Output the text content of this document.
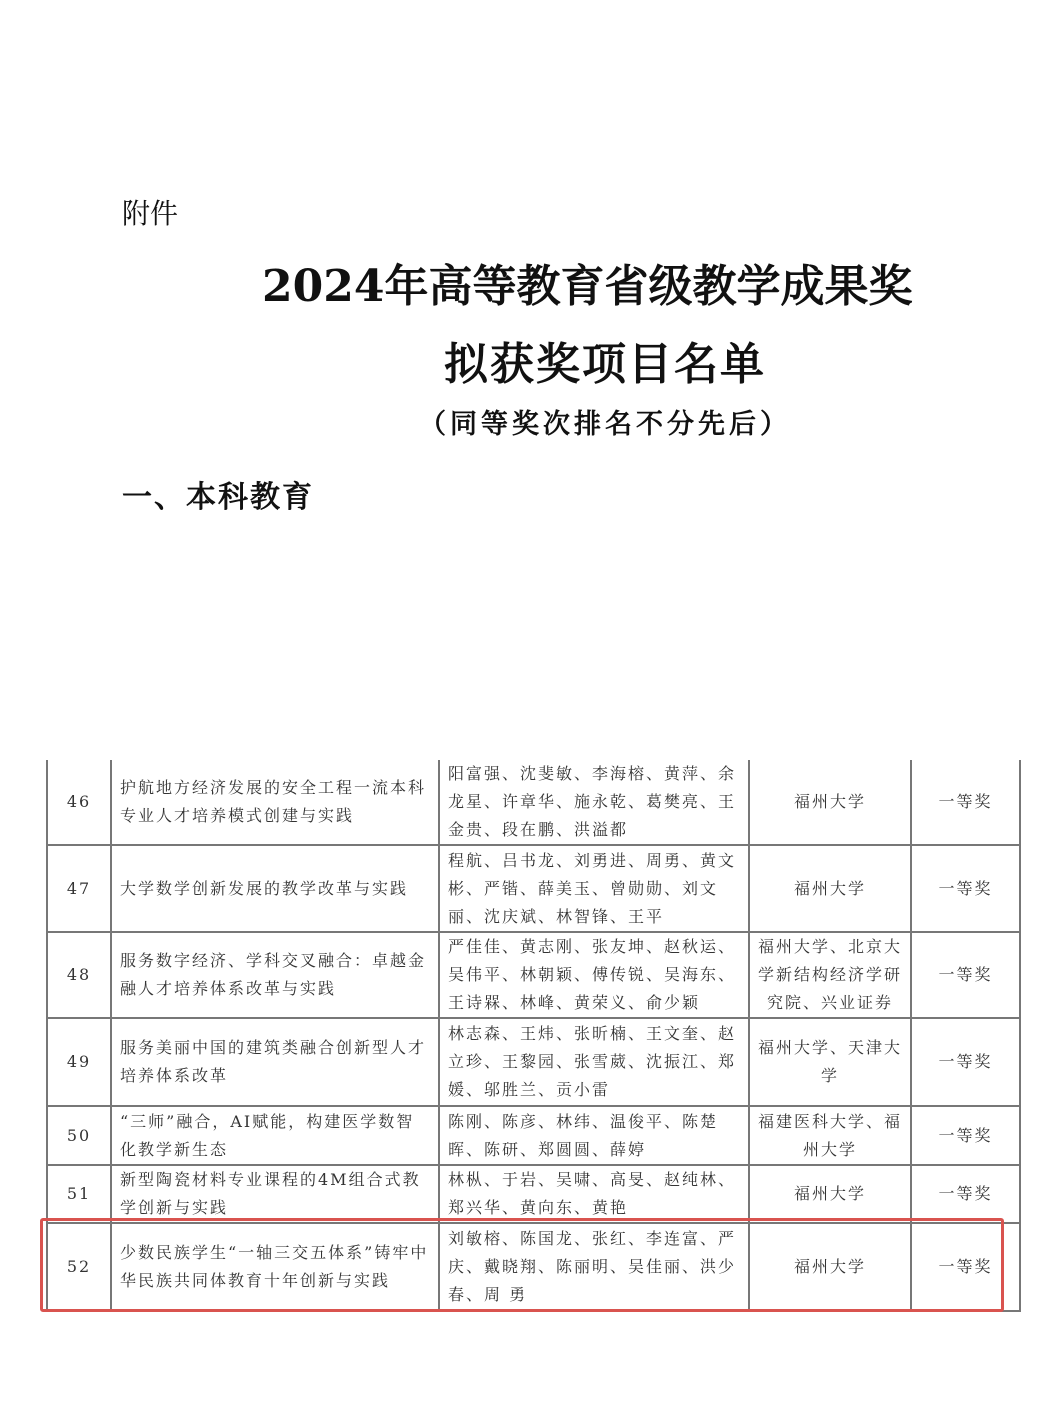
附件
2024年高等教育省级教学成果奖
拟获奖项目名单
（同等奖次排名不分先后）
一、本科教育
46	护航地方经济发展的安全工程一流本科专业人才培养模式创建与实践	阳富强、沈斐敏、李海榕、黄萍、余龙星、许章华、施永乾、葛樊亮、王金贵、段在鹏、洪溢都	福州大学	一等奖
47	大学数学创新发展的教学改革与实践	程航、吕书龙、刘勇进、周勇、黄文彬、严锴、薛美玉、曾勋勋、刘文丽、沈庆斌、林智锋、王平	福州大学	一等奖
48	服务数字经济、学科交叉融合：卓越金融人才培养体系改革与实践	严佳佳、黄志刚、张友坤、赵秋运、吴伟平、林朝颖、傅传锐、吴海东、王诗槑、林峰、黄荣义、俞少颖	福州大学、北京大学新结构经济学研究院、兴业证券	一等奖
49	服务美丽中国的建筑类融合创新型人才培养体系改革	林志森、王炜、张昕楠、王文奎、赵立珍、王黎园、张雪葳、沈振江、郑媛、邬胜兰、贡小雷	福州大学、天津大学	一等奖
50	“三师”融合，AI赋能，构建医学数智化教学新生态	陈刚、陈彦、林纬、温俊平、陈楚晖、陈研、郑圆圆、薛婷	福建医科大学、福州大学	一等奖
51	新型陶瓷材料专业课程的4M组合式教学创新与实践	林枞、于岩、吴啸、高旻、赵纯林、郑兴华、黄向东、黄艳	福州大学	一等奖
52	少数民族学生“一轴三交五体系”铸牢中华民族共同体教育十年创新与实践	刘敏榕、陈国龙、张红、李连富、严庆、戴晓翔、陈丽明、吴佳丽、洪少春、周 勇	福州大学	一等奖
